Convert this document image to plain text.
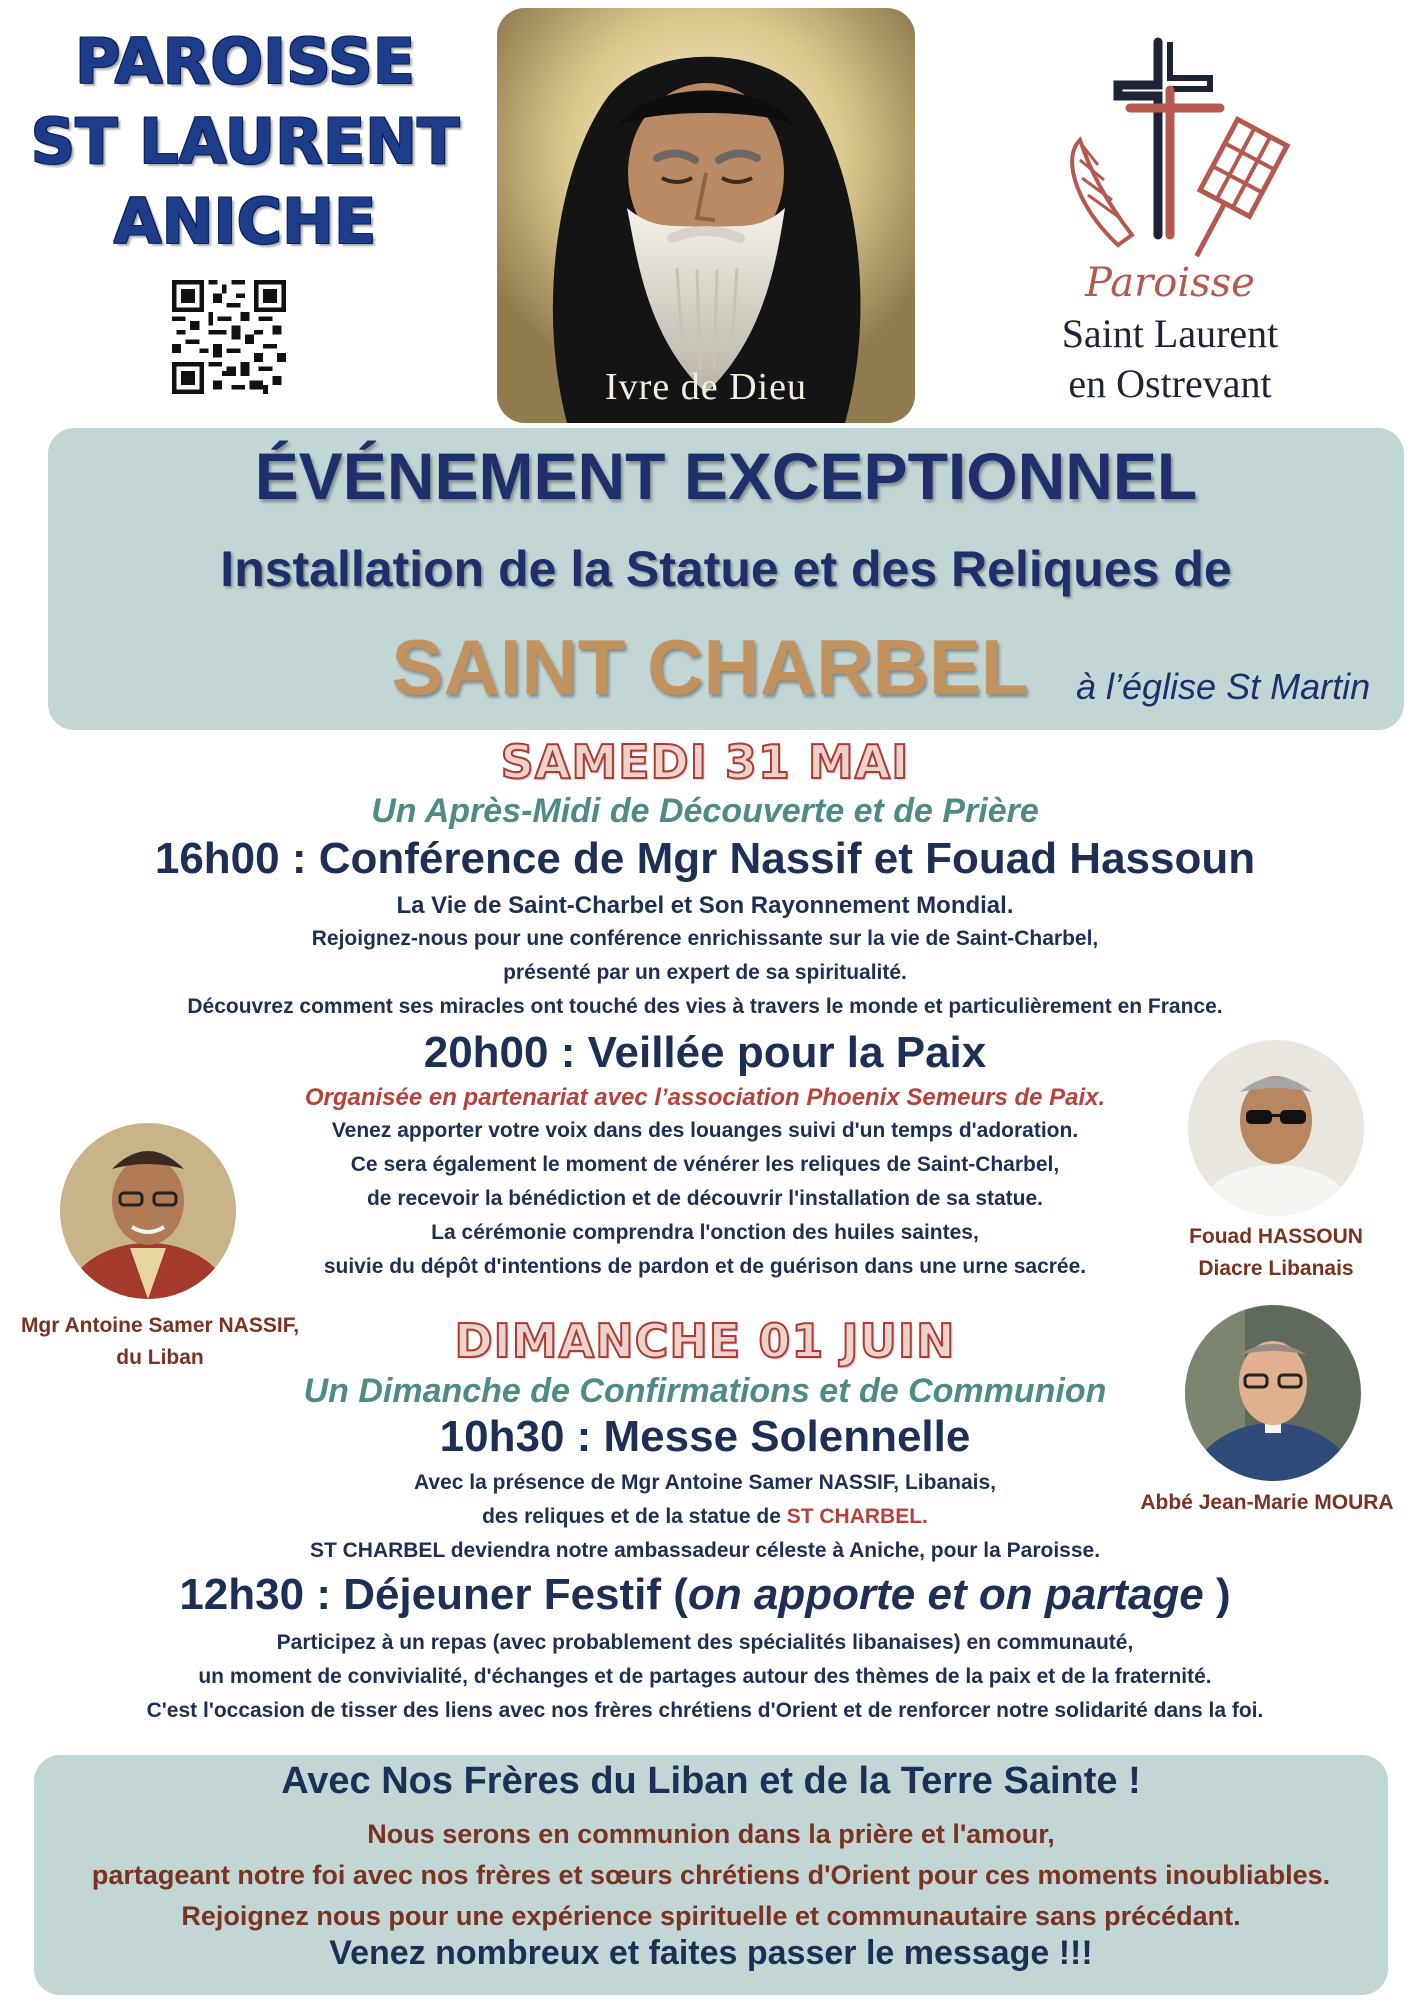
PAROISSE
ST LAURENT
ANICHE
Ivre de Dieu
Paroisse
Saint Laurent
en Ostrevant
ÉVÉNEMENT EXCEPTIONNEL
Installation de la Statue et des Reliques de
SAINT CHARBEL	à l’église St Martin
SAMEDI 31 MAI
Un Après-Midi de Découverte et de Prière
16h00 : Conférence de Mgr Nassif et Fouad Hassoun
La Vie de Saint-Charbel et Son Rayonnement Mondial.
Rejoignez-nous pour une conférence enrichissante sur la vie de Saint-Charbel,
présenté par un expert de sa spiritualité.
Découvrez comment ses miracles ont touché des vies à travers le monde et particulièrement en France.
20h00 : Veillée pour la Paix
Organisée en partenariat avec l’association Phoenix Semeurs de Paix.
Venez apporter votre voix dans des louanges suivi d'un temps d'adoration.
Ce sera également le moment de vénérer les reliques de Saint-Charbel,
de recevoir la bénédiction et de découvrir l'installation de sa statue.
La cérémonie comprendra l'onction des huiles saintes,
suivie du dépôt d'intentions de pardon et de guérison dans une urne sacrée.
Mgr Antoine Samer NASSIF,
du Liban
Fouad HASSOUN
Diacre Libanais
Abbé Jean-Marie MOURA
DIMANCHE 01 JUIN
Un Dimanche de Confirmations et de Communion
10h30 : Messe Solennelle
Avec la présence de Mgr Antoine Samer NASSIF, Libanais,
des reliques et de la statue de ST CHARBEL.
ST CHARBEL deviendra notre ambassadeur céleste à Aniche, pour la Paroisse.
12h30 : Déjeuner Festif (on apporte et on partage )
Participez à un repas (avec probablement des spécialités libanaises) en communauté,
un moment de convivialité, d'échanges et de partages autour des thèmes de la paix et de la fraternité.
C'est l'occasion de tisser des liens avec nos frères chrétiens d'Orient et de renforcer notre solidarité dans la foi.
Avec Nos Frères du Liban et de la Terre Sainte !
Nous serons en communion dans la prière et l'amour,
partageant notre foi avec nos frères et sœurs chrétiens d'Orient pour ces moments inoubliables.
Rejoignez nous pour une expérience spirituelle et communautaire sans précédant.
Venez nombreux et faites passer le message !!!
